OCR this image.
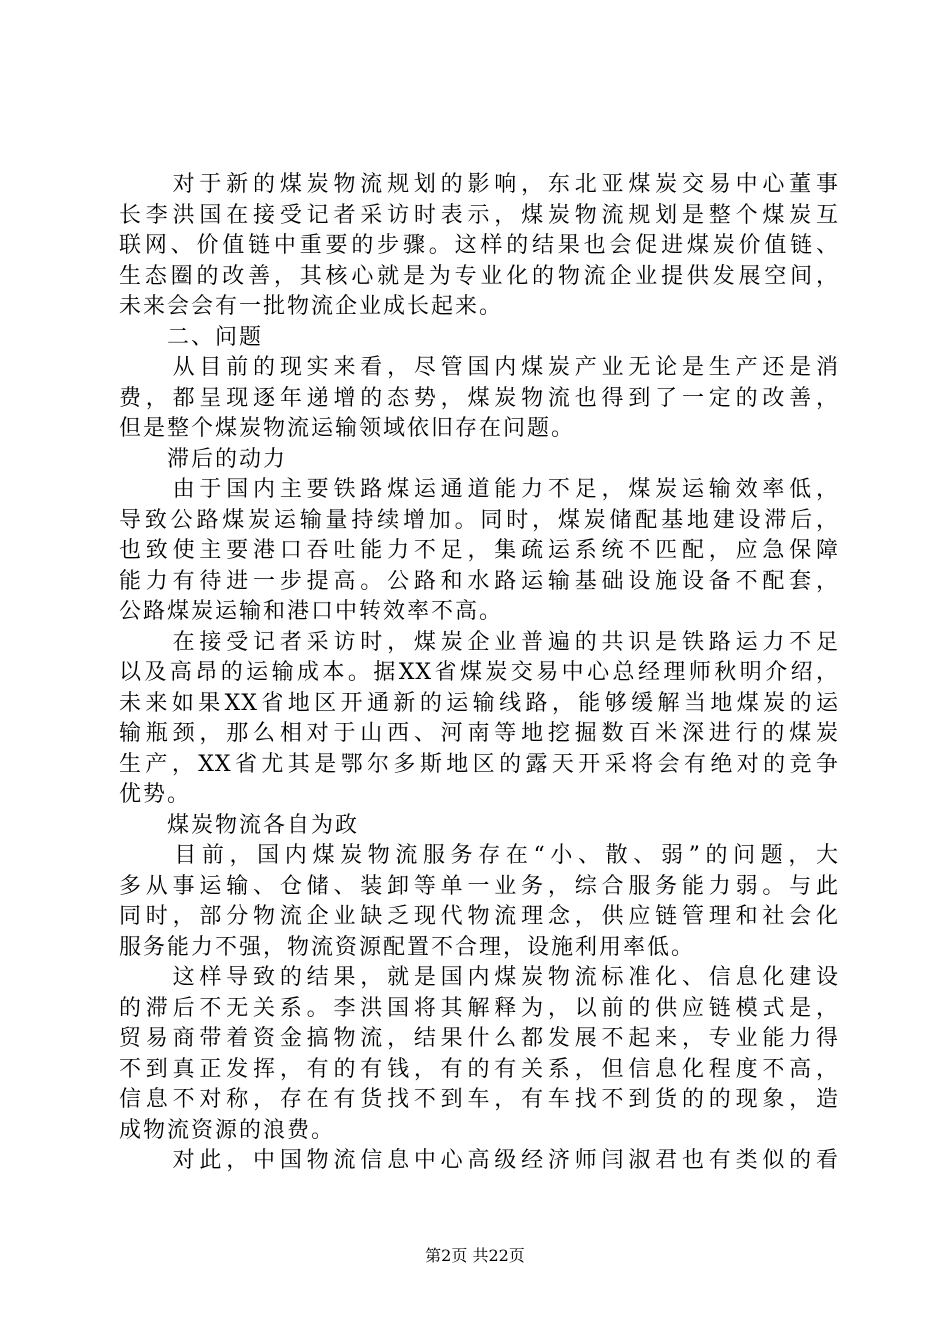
　　对于新的煤炭物流规划的影响，东北亚煤炭交易中心董事
长李洪国在接受记者采访时表示，煤炭物流规划是整个煤炭互
联网、价值链中重要的步骤。这样的结果也会促进煤炭价值链、
生态圈的改善，其核心就是为专业化的物流企业提供发展空间，
未来会会有一批物流企业成长起来。
　　二、问题
　　从目前的现实来看，尽管国内煤炭产业无论是生产还是消
费，都呈现逐年递增的态势，煤炭物流也得到了一定的改善，
但是整个煤炭物流运输领域依旧存在问题。
　　滞后的动力
　　由于国内主要铁路煤运通道能力不足，煤炭运输效率低，
导致公路煤炭运输量持续增加。同时，煤炭储配基地建设滞后，
也致使主要港口吞吐能力不足，集疏运系统不匹配，应急保障
能力有待进一步提高。公路和水路运输基础设施设备不配套，
公路煤炭运输和港口中转效率不高。
　　在接受记者采访时，煤炭企业普遍的共识是铁路运力不足
以及高昂的运输成本。据XX省煤炭交易中心总经理师秋明介绍，
未来如果XX省地区开通新的运输线路，能够缓解当地煤炭的运
输瓶颈，那么相对于山西、河南等地挖掘数百米深进行的煤炭
生产，XX省尤其是鄂尔多斯地区的露天开采将会有绝对的竞争
优势。
　　煤炭物流各自为政
　　目前，国内煤炭物流服务存在“小、散、弱”的问题，大
多从事运输、仓储、装卸等单一业务，综合服务能力弱。与此
同时，部分物流企业缺乏现代物流理念，供应链管理和社会化
服务能力不强，物流资源配置不合理，设施利用率低。
　　这样导致的结果，就是国内煤炭物流标准化、信息化建设
的滞后不无关系。李洪国将其解释为，以前的供应链模式是，
贸易商带着资金搞物流，结果什么都发展不起来，专业能力得
不到真正发挥，有的有钱，有的有关系，但信息化程度不高，
信息不对称，存在有货找不到车，有车找不到货的的现象，造
成物流资源的浪费。
　　对此，中国物流信息中心高级经济师闫淑君也有类似的看
第2页 共22页
